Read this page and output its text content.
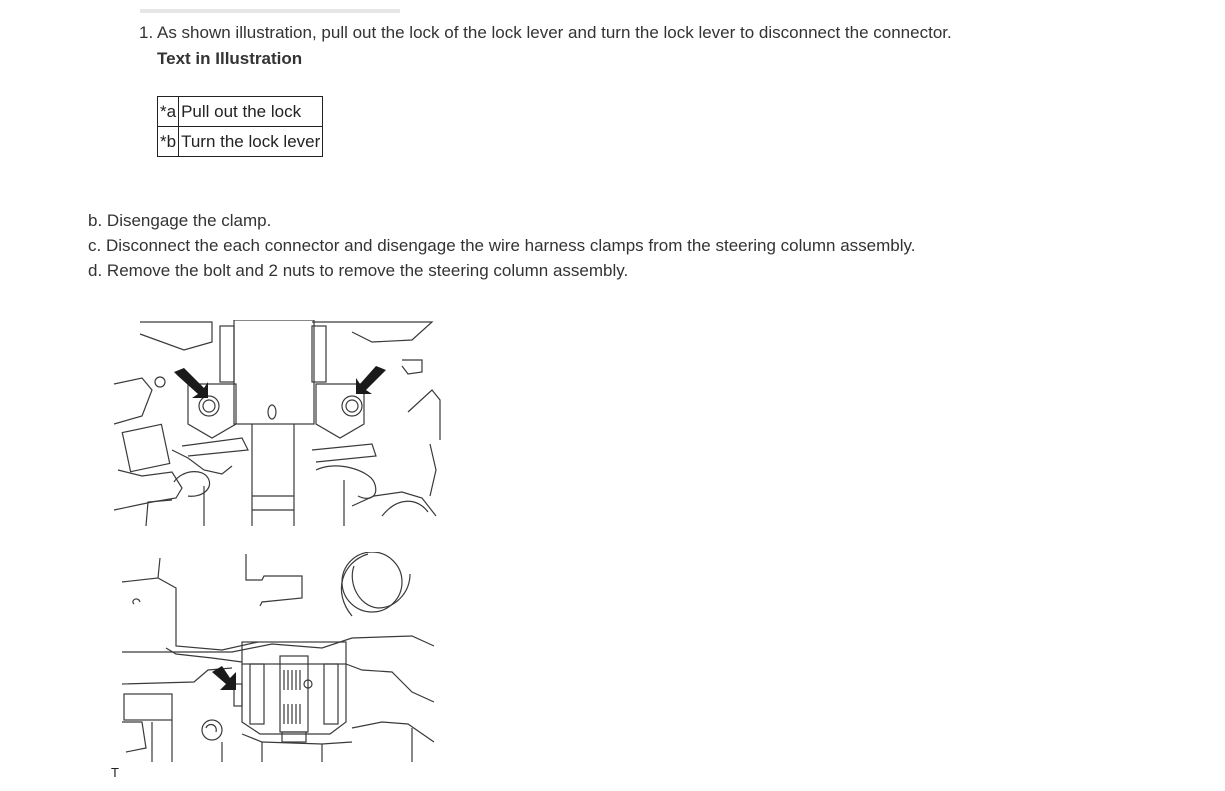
1. As shown illustration, pull out the lock of the lock lever and turn the lock lever to disconnect the connector.
Text in Illustration
*a	Pull out the lock
*b	Turn the lock lever
b. Disengage the clamp.
c. Disconnect the each connector and disengage the wire harness clamps from the steering column assembly.
d. Remove the bolt and 2 nuts to remove the steering column assembly.
T
